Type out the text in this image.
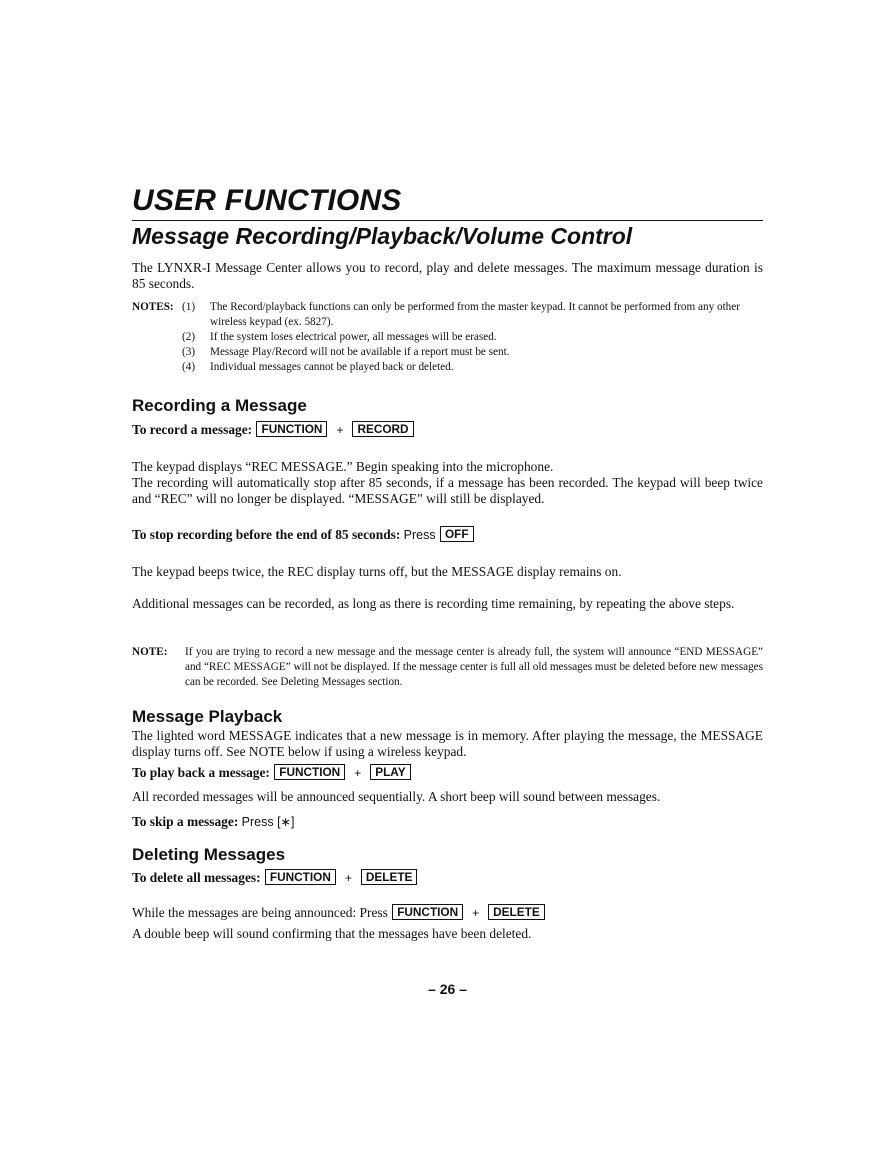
USER FUNCTIONS
Message Recording/Playback/Volume Control
The LYNXR-I Message Center allows you to record, play and delete messages. The maximum message duration is 85 seconds.
NOTES: (1)	The Record/playback functions can only be performed from the master keypad. It cannot be performed from any other wireless keypad (ex. 5827).
(2)	If the system loses electrical power, all messages will be erased.
(3)	Message Play/Record will not be available if a report must be sent.
(4)	Individual messages cannot be played back or deleted.
Recording a Message
To record a message: FUNCTION + RECORD
The keypad displays “REC MESSAGE.” Begin speaking into the microphone.
The recording will automatically stop after 85 seconds, if a message has been recorded. The keypad will beep twice and “REC” will no longer be displayed. “MESSAGE” will still be displayed.
To stop recording before the end of 85 seconds: Press OFF
The keypad beeps twice, the REC display turns off, but the MESSAGE display remains on.
Additional messages can be recorded, as long as there is recording time remaining, by repeating the above steps.
NOTE:	If you are trying to record a new message and the message center is already full, the system will announce “END MESSAGE” and “REC MESSAGE” will not be displayed. If the message center is full all old messages must be deleted before new messages can be recorded. See Deleting Messages section.
Message Playback
The lighted word MESSAGE indicates that a new message is in memory. After playing the message, the MESSAGE display turns off. See NOTE below if using a wireless keypad.
To play back a message: FUNCTION + PLAY
All recorded messages will be announced sequentially. A short beep will sound between messages.
To skip a message: Press [∗]
Deleting Messages
To delete all messages: FUNCTION + DELETE
While the messages are being announced: Press FUNCTION + DELETE
A double beep will sound confirming that the messages have been deleted.
– 26 –
